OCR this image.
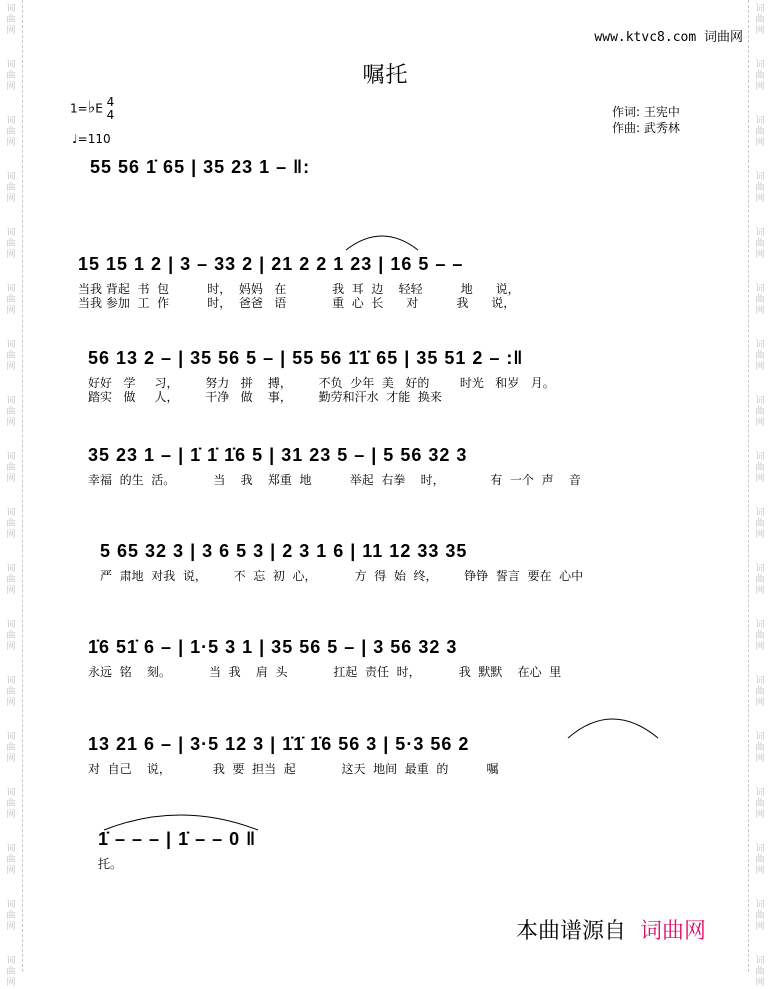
词
曲
网
词
曲
网
词
曲
网
词
曲
网
词
曲
网
词
曲
网
词
曲
网
词
曲
网
词
曲
网
词
曲
网
词
曲
网
词
曲
网
词
曲
网
词
曲
网
词
曲
网
词
曲
网
词
曲
网
词
曲
网
词
曲
网
词
曲
网
词
曲
网
词
曲
网
词
曲
网
词
曲
网
词
曲
网
词
曲
网
词
曲
网
词
曲
网
词
曲
网
词
曲
网
词
曲
网
词
曲
网
词
曲
网
词
曲
网
词
曲
网
词
曲
网
www.ktvc8.com 词曲网
嘱托
1=♭E 4
4
♩=110
作词: 王宪中
作曲: 武秀林
55 56 1̇ 65 | 35 23 1 – ‖:
15 15 1 2 | 3 – 33 2 | 21 2 2 1 23 | 16 5 – –
当我 背起  书  包          时，  妈妈   在            我  耳  边    轻轻          地      说，
当我 参加  工  作          时，  爸爸   语            重  心  长      对          我      说，
56 13 2 – | 35 56 5 – | 55 56 1̇1̇ 65 | 35 51 2 – :‖
好好   学     习，       努力   拼    搏，       不负  少年  美   好的        时光   和岁   月。
踏实   做     人，       干净   做    事，       勤劳和汗水  才能  换来
35 23 1 – | 1̇ 1̇ 1̇6 5 | 31 23 5 – | 5 56 32 3
幸福  的生  活。          当    我    郑重  地          举起  右拳    时，            有  一个  声    音
5 65 32 3 | 3 6 5 3 | 2 3 1 6 | 11 12 33 35
严  肃地  对我  说，       不  忘  初  心，          方  得  始  终，       铮铮  誓言  要在  心中
1̇6 51̇ 6 – | 1·5 3 1 | 35 56 5 – | 3 56 32 3
永远  铭    刻。          当  我    肩  头            扛起  责任  时，          我  默默    在心  里
13 21 6 – | 3·5 12 3 | 1̇1̇ 1̇6 56 3 | 5·3 56 2
对  自己    说，           我  要  担当  起            这天  地间  最重  的          嘱
1̇ – – – | 1̇ – – 0 ‖
托。
本曲谱源自 词曲网
